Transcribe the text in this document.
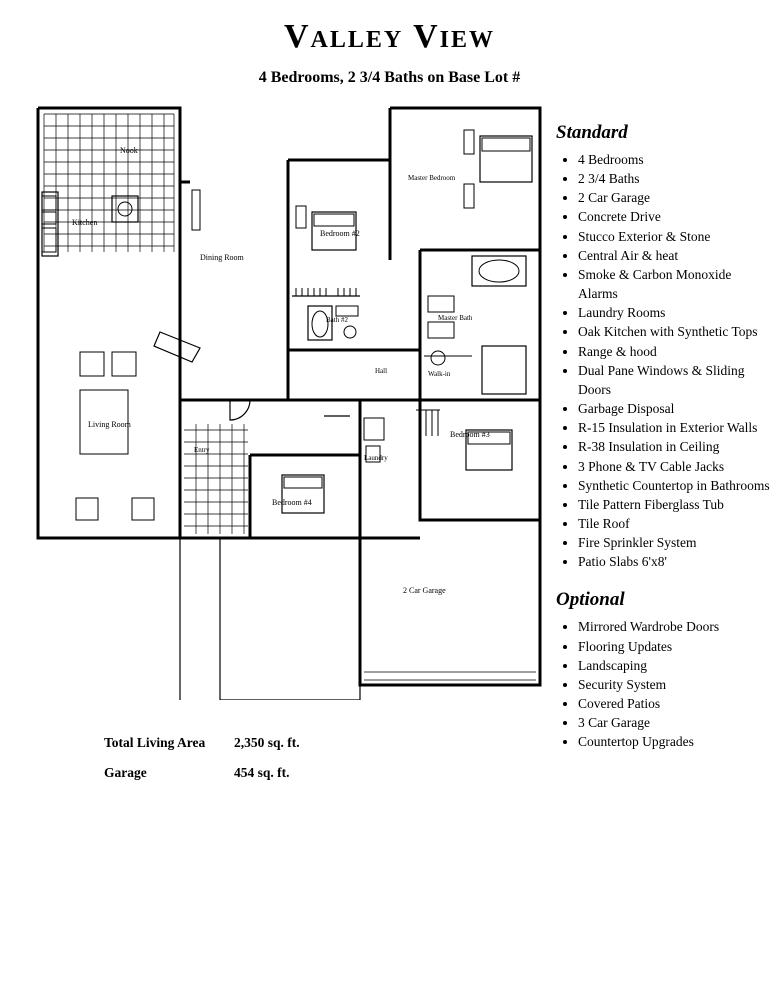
Valley View
4 Bedrooms, 2 3/4 Baths on Base Lot #
Nook
Kitchen
Dining Room
Living Room
Entry
Bedroom #4
Bedroom #2
Bath #2
Hall
Laundry
Master Bedroom
Master Bath
Walk-in
Bedroom #3
2 Car Garage
Standard
• 4 Bedrooms
• 2 3/4 Baths
• 2 Car Garage
• Concrete Drive
• Stucco Exterior & Stone
• Central Air & heat
• Smoke & Carbon Monoxide Alarms
• Laundry Rooms
• Oak Kitchen with Synthetic Tops
• Range & hood
• Dual Pane Windows & Sliding Doors
• Garbage Disposal
• R-15 Insulation in Exterior Walls
• R-38 Insulation in Ceiling
• 3 Phone & TV Cable Jacks
• Synthetic Countertop in Bathrooms
• Tile Pattern Fiberglass Tub
• Tile Roof
• Fire Sprinkler System
• Patio Slabs 6'x8'
Optional
• Mirrored Wardrobe Doors
• Flooring Updates
• Landscaping
• Security System
• Covered Patios
• 3 Car Garage
• Countertop Upgrades
Total Living Area	2,350 sq. ft.
Garage	454 sq. ft.
